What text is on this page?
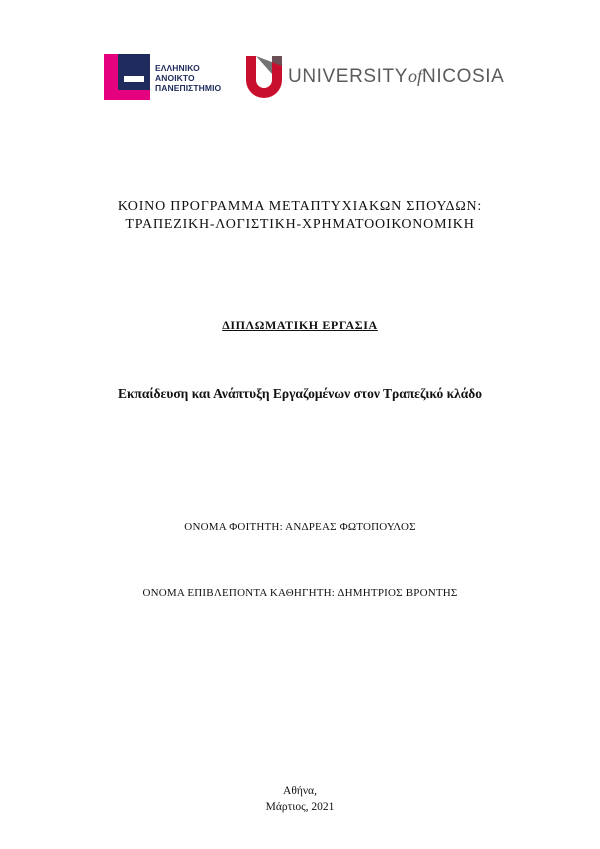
ΕΛΛΗΝΙΚΟ
ΑΝΟΙΚΤΟ
ΠΑΝΕΠΙΣΤΗΜΙΟ
UNIVERSITYofNICOSIA
ΚΟΙΝΟ ΠΡΟΓΡΑΜΜΑ ΜΕΤΑΠΤΥΧΙΑΚΩΝ ΣΠΟΥΔΩΝ:
ΤΡΑΠΕΖΙΚΗ-ΛΟΓΙΣΤΙΚΗ-ΧΡΗΜΑΤΟΟΙΚΟΝΟΜΙΚΗ
ΔΙΠΛΩΜΑΤΙΚΗ ΕΡΓΑΣΙΑ
Εκπαίδευση και Ανάπτυξη Εργαζομένων στον Τραπεζικό κλάδο
ΟΝΟΜΑ ΦΟΙΤΗΤΗ: ΑΝΔΡΕΑΣ ΦΩΤΟΠΟΥΛΟΣ
ΟΝΟΜΑ ΕΠΙΒΛΕΠΟΝΤΑ ΚΑΘΗΓΗΤΗ: ΔΗΜΗΤΡΙΟΣ ΒΡΟΝΤΗΣ
Αθήνα,
Μάρτιος, 2021
